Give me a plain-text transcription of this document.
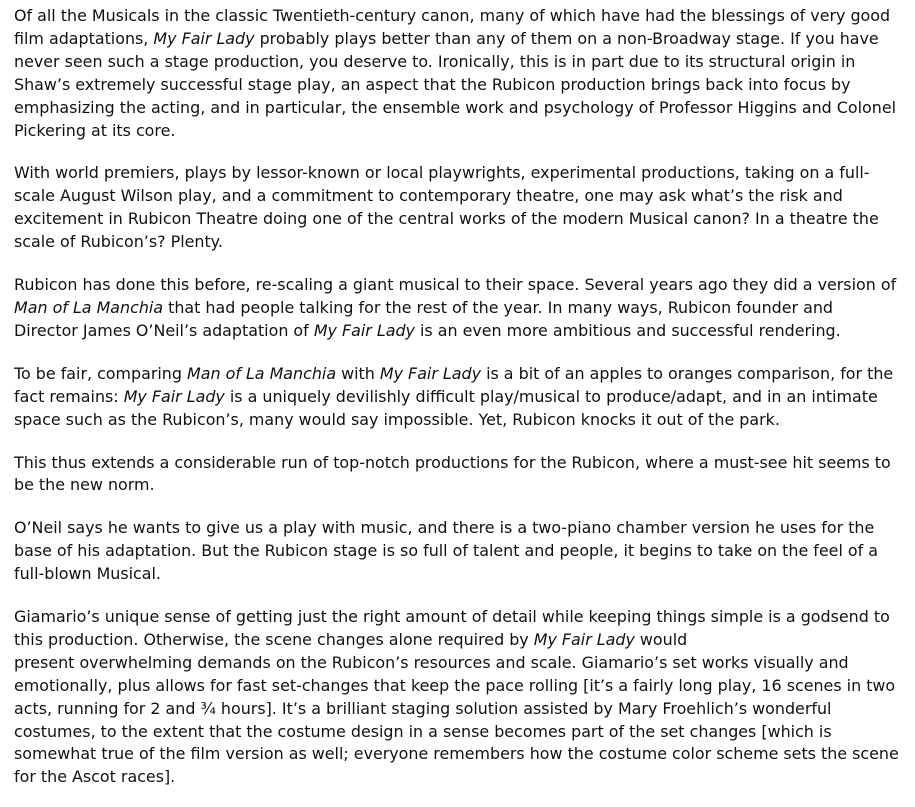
Of all the Musicals in the classic Twentieth-century canon, many of which have had the blessings of very good film adaptations, My Fair Lady probably plays better than any of them on a non-Broadway stage. If you have never seen such a stage production, you deserve to. Ironically, this is in part due to its structural origin in Shaw’s extremely successful stage play, an aspect that the Rubicon production brings back into focus by emphasizing the acting, and in particular, the ensemble work and psychology of Professor Higgins and Colonel Pickering at its core.

With world premiers, plays by lessor-known or local playwrights, experimental productions, taking on a full-scale August Wilson play, and a commitment to contemporary theatre, one may ask what’s the risk and excitement in Rubicon Theatre doing one of the central works of the modern Musical canon? In a theatre the scale of Rubicon’s? Plenty.

Rubicon has done this before, re-scaling a giant musical to their space. Several years ago they did a version of Man of La Manchia that had people talking for the rest of the year. In many ways, Rubicon founder and Director James O’Neil’s adaptation of My Fair Lady is an even more ambitious and successful rendering.

To be fair, comparing Man of La Manchia with My Fair Lady is a bit of an apples to oranges comparison, for the fact remains: My Fair Lady is a uniquely devilishly difficult play/musical to produce/adapt, and in an intimate space such as the Rubicon’s, many would say impossible. Yet, Rubicon knocks it out of the park.

This thus extends a considerable run of top-notch productions for the Rubicon, where a must-see hit seems to be the new norm.

O’Neil says he wants to give us a play with music, and there is a two-piano chamber version he uses for the base of his adaptation. But the Rubicon stage is so full of talent and people, it begins to take on the feel of a full-blown Musical.

Giamario’s unique sense of getting just the right amount of detail while keeping things simple is a godsend to this production. Otherwise, the scene changes alone required by My Fair Lady would
present overwhelming demands on the Rubicon’s resources and scale. Giamario’s set works visually and emotionally, plus allows for fast set-changes that keep the pace rolling [it’s a fairly long play, 16 scenes in two acts, running for 2 and ¾ hours]. It’s a brilliant staging solution assisted by Mary Froehlich’s wonderful costumes, to the extent that the costume design in a sense becomes part of the set changes [which is somewhat true of the film version as well; everyone remembers how the costume color scheme sets the scene for the Ascot races].
